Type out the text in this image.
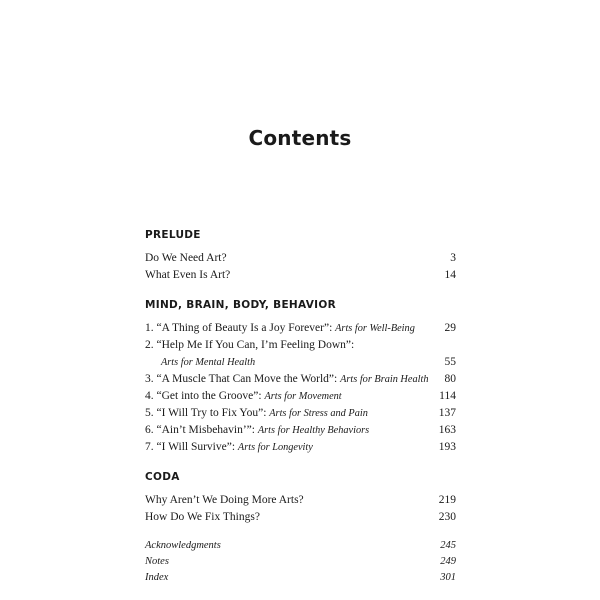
Contents
PRELUDE
Do We Need Art?	3
What Even Is Art?	14
MIND, BRAIN, BODY, BEHAVIOR
1. “A Thing of Beauty Is a Joy Forever”: Arts for Well-Being	29
2. “Help Me If You Can, I’m Feeling Down”:
Arts for Mental Health	55
3. “A Muscle That Can Move the World”: Arts for Brain Health 80
4. “Get into the Groove”: Arts for Movement	114
5. “I Will Try to Fix You”: Arts for Stress and Pain	137
6. “Ain’t Misbehavin’”: Arts for Healthy Behaviors	163
7. “I Will Survive”: Arts for Longevity	193
CODA
Why Aren’t We Doing More Arts?	219
How Do We Fix Things?	230
Acknowledgments	245
Notes	249
Index	301
